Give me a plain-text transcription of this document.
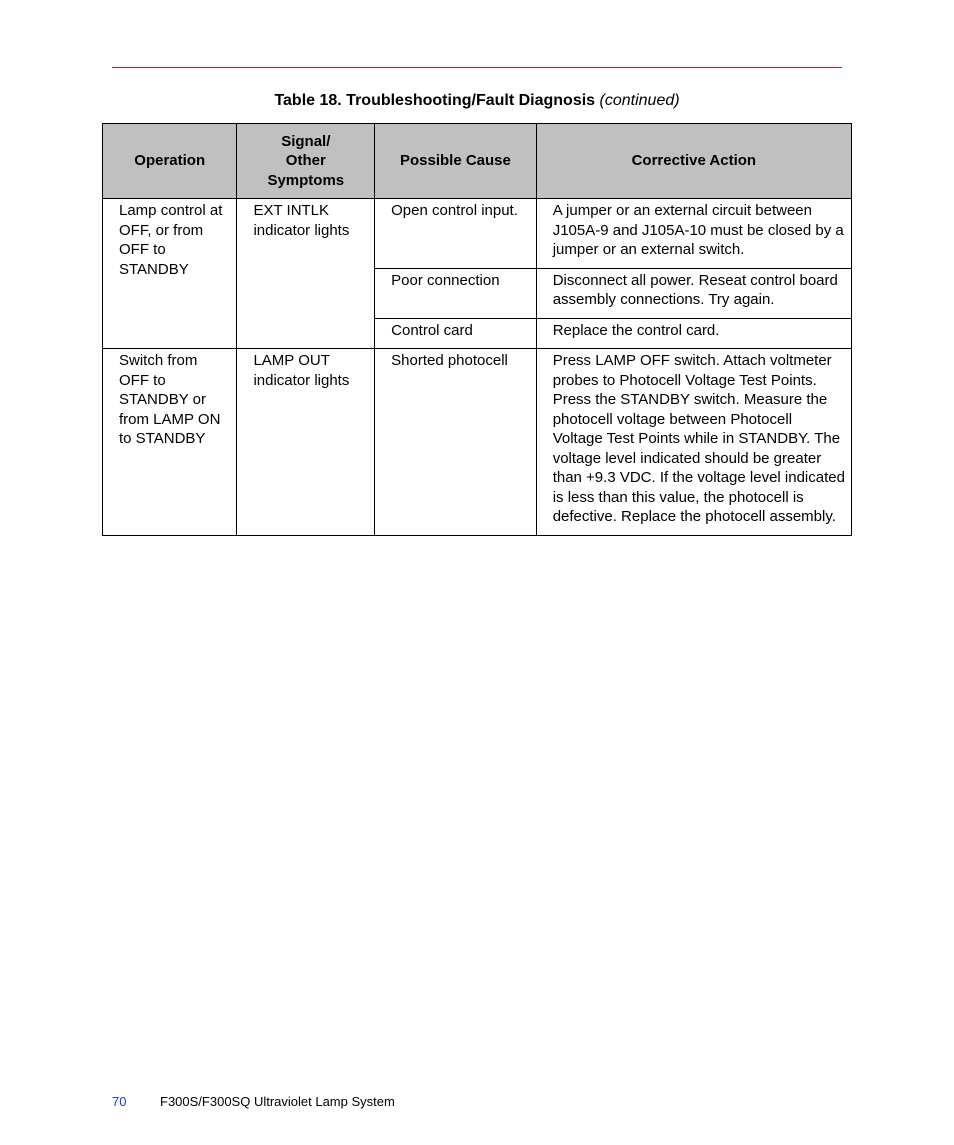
Table 18. Troubleshooting/Fault Diagnosis (continued)
Operation	Signal/ Other Symptoms	Possible Cause	Corrective Action
Lamp control at OFF, or from OFF to STANDBY	EXT INTLK indicator lights	Open control input.	A jumper or an external circuit between J105A-9 and J105A-10 must be closed by a jumper or an external switch.
		Poor connection	Disconnect all power. Reseat control board assembly connections. Try again.
		Control card	Replace the control card.
Switch from OFF to STANDBY or from LAMP ON to STANDBY	LAMP OUT indicator lights	Shorted photocell	Press LAMP OFF switch. Attach voltmeter probes to Photocell Voltage Test Points. Press the STANDBY switch. Measure the photocell voltage between Photocell Voltage Test Points while in STANDBY. The voltage level indicated should be greater than +9.3 VDC. If the voltage level indicated is less than this value, the photocell is defective. Replace the photocell assembly.
70	F300S/F300SQ Ultraviolet Lamp System
